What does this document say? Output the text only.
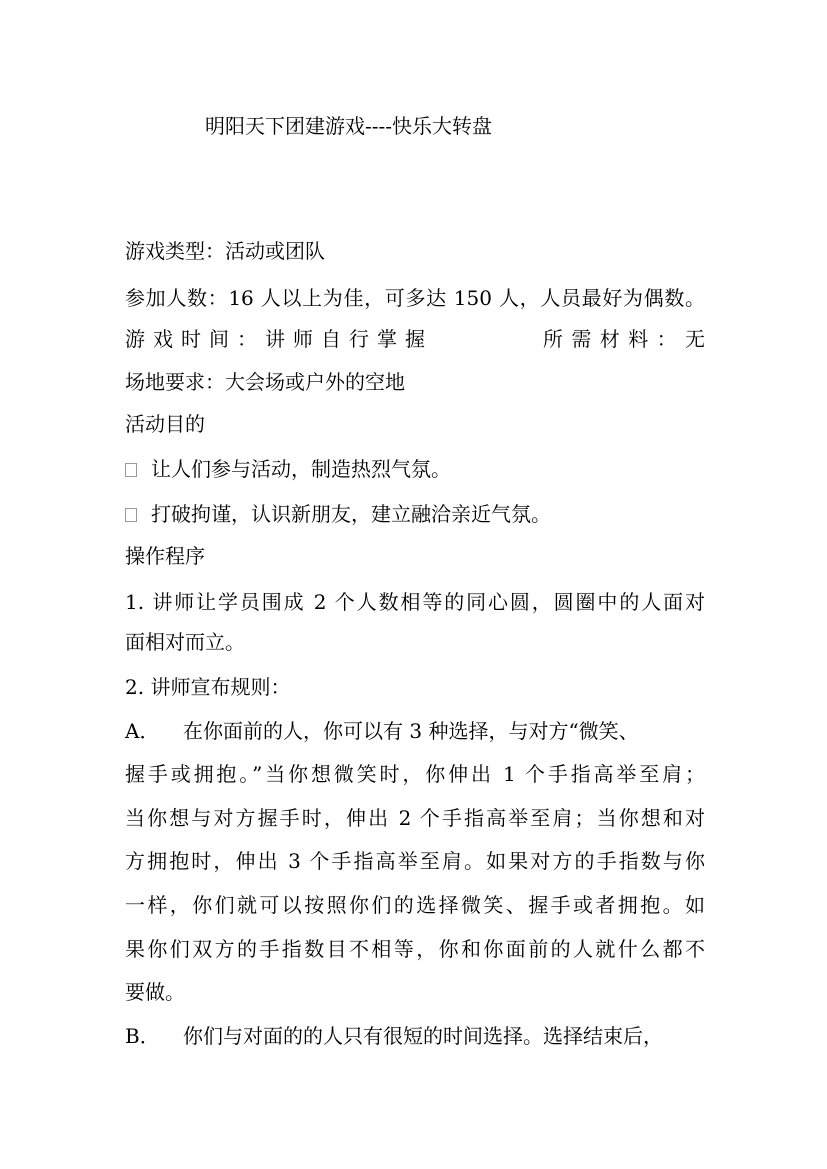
明阳天下团建游戏----快乐大转盘
游戏类型：活动或团队
参加人数：16 人以上为佳，可多达 150 人，人员最好为偶数。
游戏时间：讲师自行掌握	所需材料：无
场地要求：大会场或户外的空地
活动目的
让人们参与活动，制造热烈气氛。
打破拘谨，认识新朋友，建立融洽亲近气氛。
操作程序
1. 讲师让学员围成 2 个人数相等的同心圆，圆圈中的人面对
面相对而立。
2. 讲师宣布规则：
A． 在你面前的人，你可以有 3 种选择，与对方“微笑、
握手或拥抱。”当你想微笑时，你伸出 1 个手指高举至肩；
当你想与对方握手时，伸出 2 个手指高举至肩；当你想和对
方拥抱时，伸出 3 个手指高举至肩。如果对方的手指数与你
一样，你们就可以按照你们的选择微笑、握手或者拥抱。如
果你们双方的手指数目不相等，你和你面前的人就什么都不
要做。
B． 你们与对面的的人只有很短的时间选择。选择结束后，
